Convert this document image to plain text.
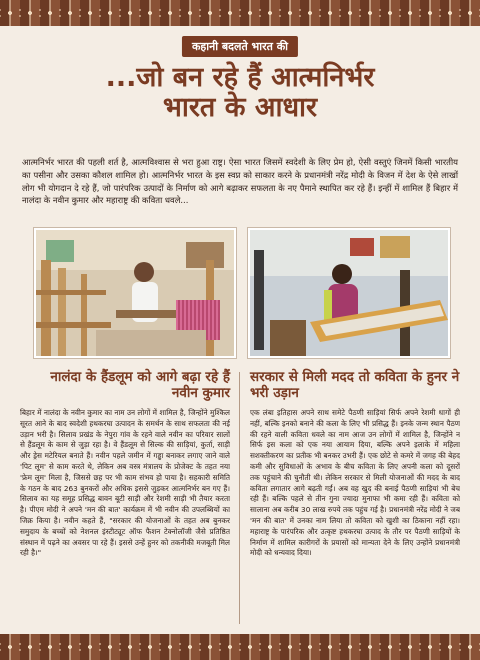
कहानी बदलते भारत की
...जो बन रहे हैं आत्मनिर्भर
भारत के आधार

आत्मनिर्भर भारत की पहली शर्त है, आत्मविश्वास से भरा हुआ राष्ट्र। ऐसा भारत जिसमें स्वदेशी के लिए प्रेम हो, ऐसी वस्तुएं जिनमें किसी भारतीय का पसीना और उसका कौशल शामिल हो। आत्मनिर्भर भारत के इस स्वप्न को साकार करने के प्रधानमंत्री नरेंद्र मोदी के विजन में देश के ऐसे लाखों लोग भी योगदान दे रहे हैं, जो पारंपरिक उत्पादों के निर्माण को आगे बढ़ाकर सफलता के नए पैमाने स्थापित कर रहे हैं। इन्हीं में शामिल हैं बिहार में नालंदा के नवीन कुमार और महाराष्ट्र की कविता धवले...

नालंदा के हैंडलूम को आगे बढ़ा रहे हैं नवीन कुमार
सरकार से मिली मदद तो कविता के हुनर ने भरी उड़ान

बिहार में नालंदा के नवीन कुमार का नाम उन लोगों में शामिल है, जिन्होंने मुश्किल सूरत आने के बाद स्वदेशी हथकरघा उत्पादन के समर्थन के साथ सफलता की नई उड़ान भरी है। सिलाव प्रखंड के नेपुरा गांव के रहने वाले नवीन का परिवार सालों से हैंडलूम के काम से जुड़ा रहा है। वे हैंडलूम से सिल्क की साड़ियां, कुर्ता, साड़ी और ड्रेस मटेरियल बनाते हैं। नवीन पहले जमीन में गड्ढा बनाकर लगाए जाने वाले 'पिट लूम' से काम करते थे, लेकिन अब वस्त्र मंत्रालय के प्रोजेक्ट के तहत नया 'फ्रेम लूम' मिला है, जिससे छह पर भी काम संभव हो पाया है। सहकारी समिति के गठन के बाद 263 बुनकरों और अधिक इससे जुड़कर आत्मनिर्भर बन गए हैं। सिलाव का यह समूह प्रसिद्ध बावन बूटी साड़ी और रेशमी साड़ी भी तैयार करता है। पीएम मोदी ने अपने 'मन की बात' कार्यक्रम में भी नवीन की उपलब्धियों का जिक्र किया है। नवीन कहते हैं, "सरकार की योजनाओं के तहत अब बुनकर समुदाय के बच्चों को नेशनल इंस्टीट्यूट ऑफ फैशन टेक्नोलॉजी जैसे प्रतिष्ठित संस्थान में पढ़ने का अवसर पा रहे हैं। इससे उन्हें हुनर को तकनीकी मजबूती मिल रही है।"

एक लंबा इतिहास अपने साथ समेटे पैठणी साड़ियां सिर्फ अपने रेशमी धागों ही नहीं, बल्कि इनको बनाने की कला के लिए भी प्रसिद्ध हैं। इनके जन्म स्थान पैठण की रहने वाली कविता धवले का नाम आज उन लोगों में शामिल है, जिन्होंने न सिर्फ इस कला को एक नया आयाम दिया, बल्कि अपने इलाके में महिला सशक्तीकरण का प्रतीक भी बनकर उभरी हैं। एक छोटे से कमरे में जगह की बेहद कमी और सुविधाओं के अभाव के बीच कविता के लिए अपनी कला को दूसरों तक पहुंचाने की चुनौती थी। लेकिन सरकार से मिली योजनाओं की मदद के बाद कविता लगातार आगे बढ़ती गईं। अब वह खुद की बनाई पैठणी साड़ियां भी बेच रही हैं। बल्कि पहले से तीन गुना ज्यादा मुनाफा भी कमा रही हैं। कविता को सालाना अब करीब 30 लाख रुपये तक पहुंच गई है। प्रधानमंत्री नरेंद्र मोदी ने जब 'मन की बात' में उनका नाम लिया तो कविता को खुशी का ठिकाना नहीं रहा। महाराष्ट्र के पारंपरिक और उत्कृष्ट हथकरघा उत्पाद के तौर पर पैठणी साड़ियों के निर्माण में शामिल कारीगरों के प्रयासों को मान्यता देने के लिए उन्होंने प्रधानमंत्री मोदी को धन्यवाद दिया।
